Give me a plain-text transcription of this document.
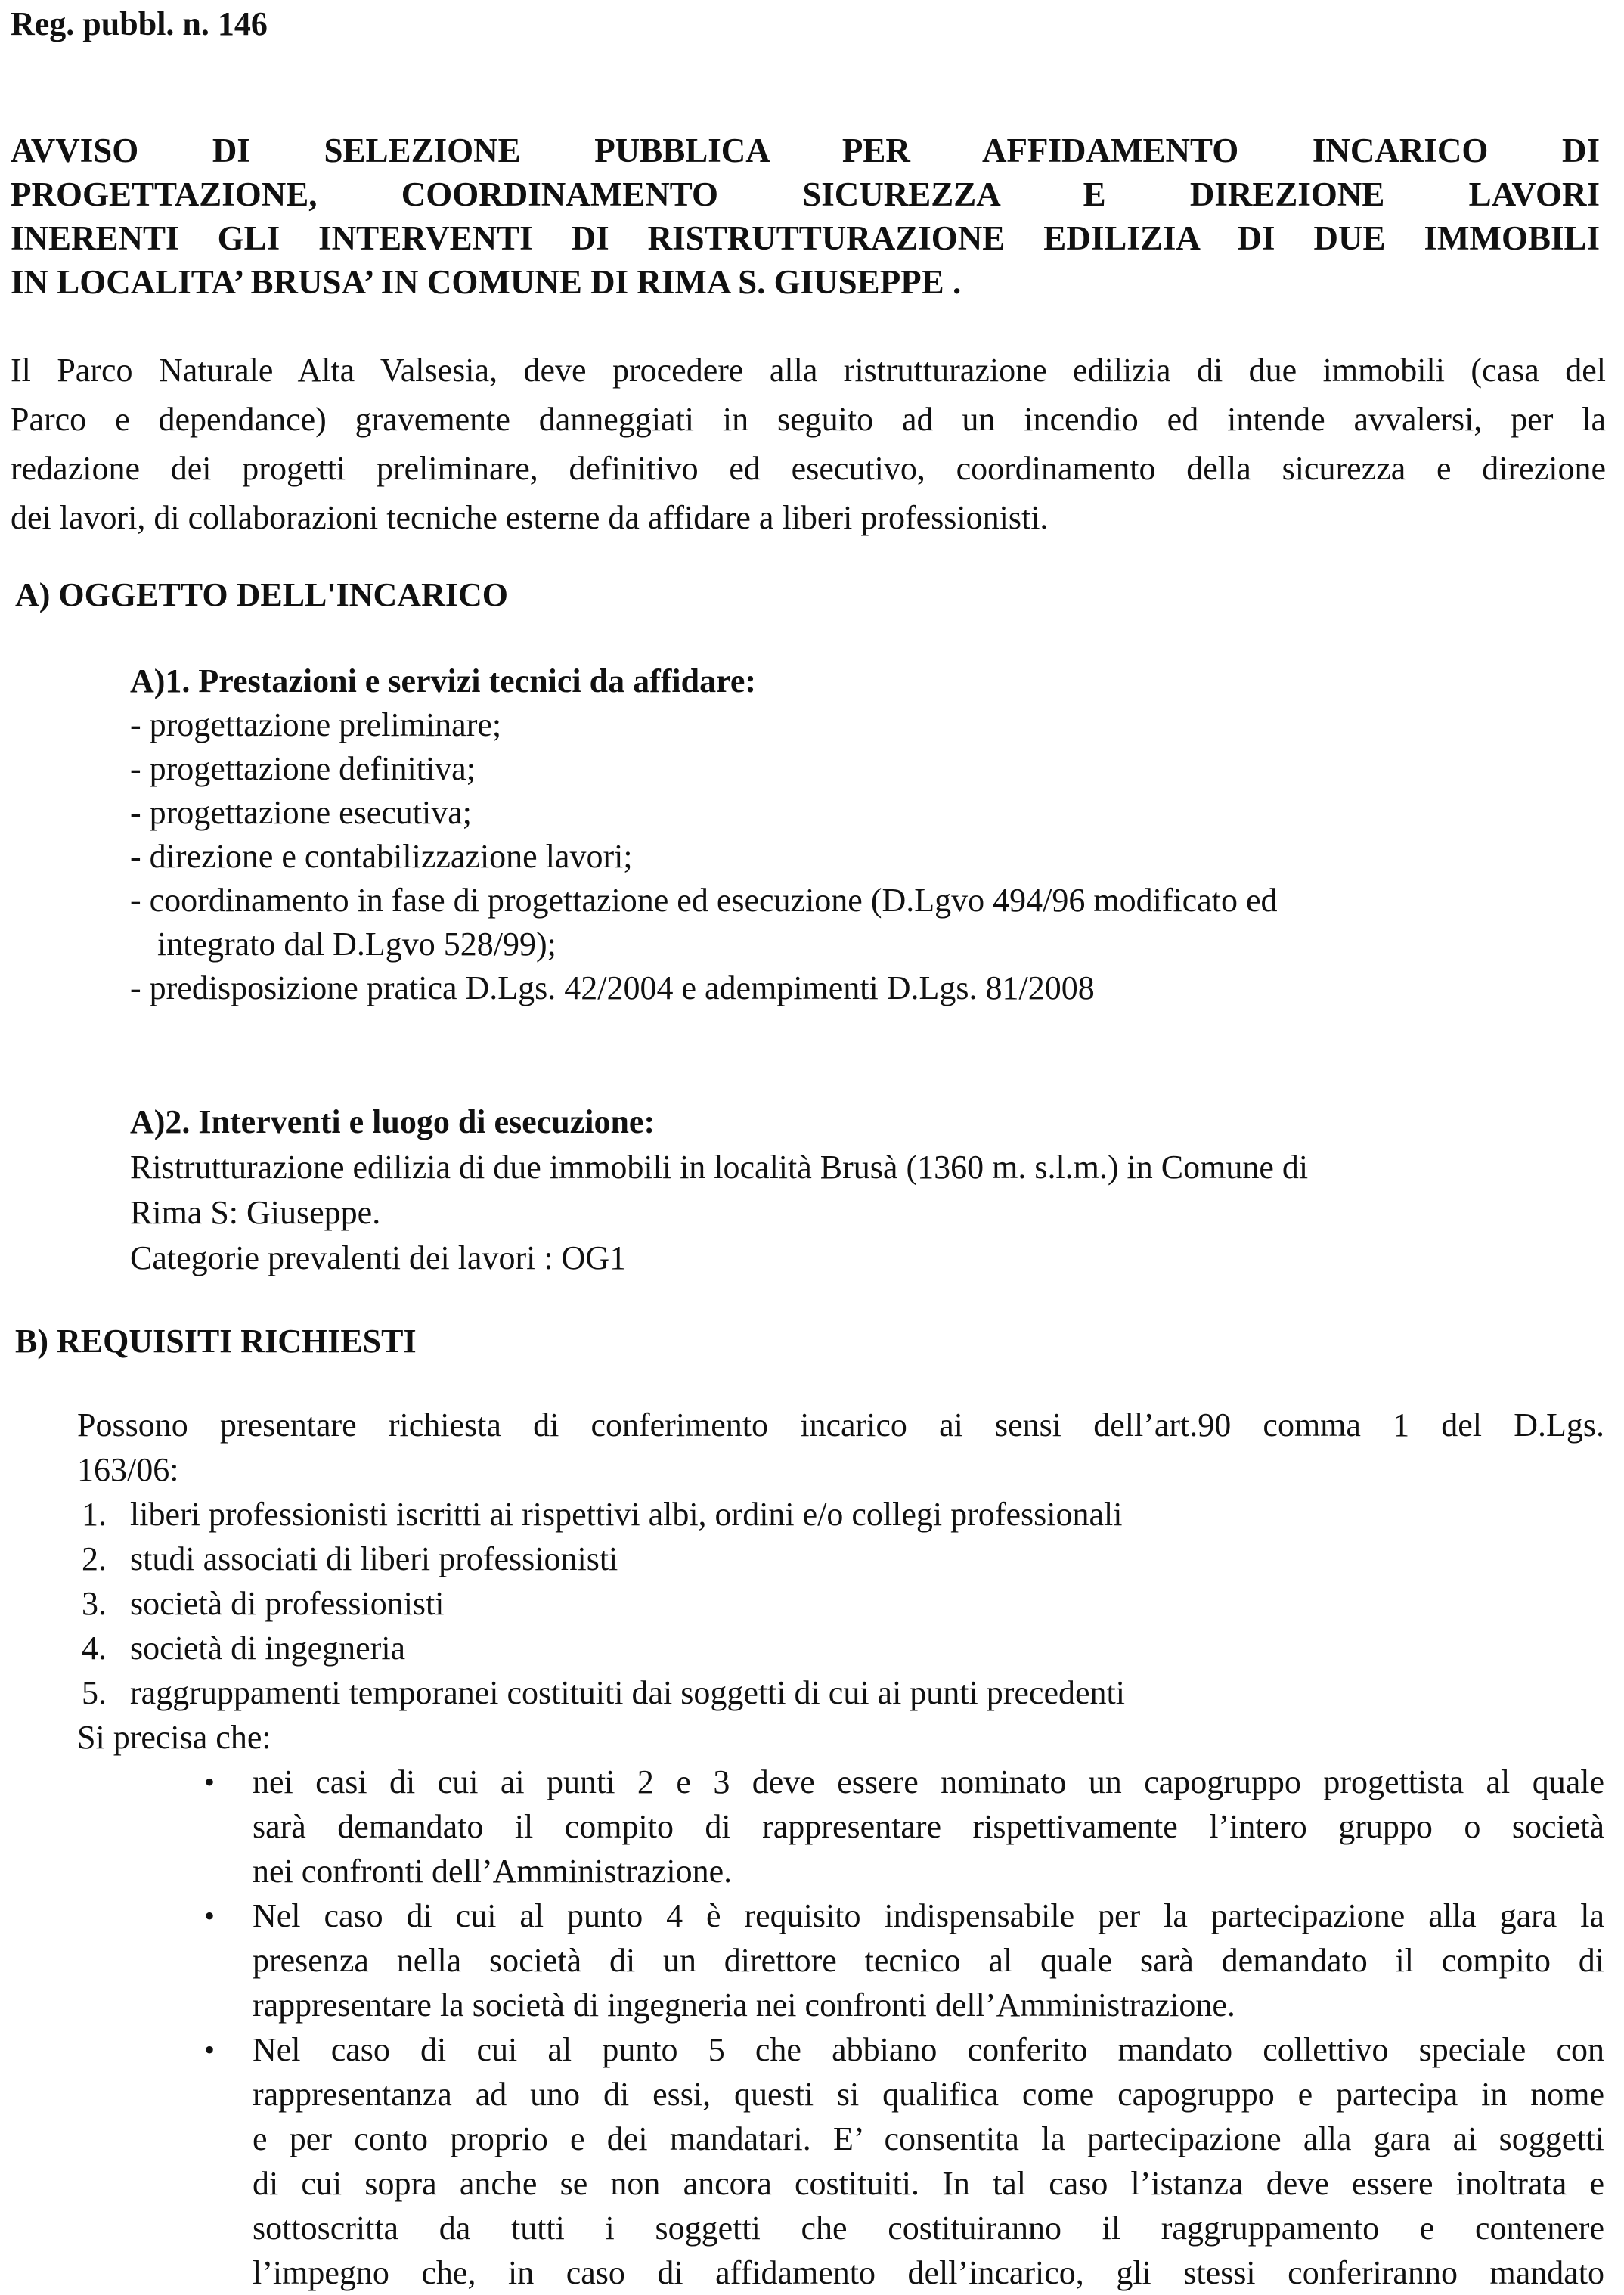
Reg. pubbl. n. 146
AVVISO DI SELEZIONE PUBBLICA PER AFFIDAMENTO INCARICO DI
PROGETTAZIONE, COORDINAMENTO SICUREZZA E DIREZIONE LAVORI
INERENTI GLI INTERVENTI DI RISTRUTTURAZIONE EDILIZIA DI DUE IMMOBILI
IN LOCALITA’ BRUSA’ IN COMUNE DI RIMA S. GIUSEPPE .
Il Parco Naturale Alta Valsesia, deve procedere alla ristrutturazione edilizia di due immobili (casa del
Parco e dependance) gravemente danneggiati in seguito ad un incendio ed intende avvalersi, per la
redazione dei progetti preliminare, definitivo ed esecutivo, coordinamento della sicurezza e direzione
dei lavori, di collaborazioni tecniche esterne da affidare a liberi professionisti.
A) OGGETTO DELL'INCARICO
A)1. Prestazioni e servizi tecnici da affidare:
- progettazione preliminare;
- progettazione definitiva;
- progettazione esecutiva;
- direzione e contabilizzazione lavori;
- coordinamento in fase di progettazione ed esecuzione (D.Lgvo 494/96 modificato ed
integrato dal D.Lgvo 528/99);
- predisposizione pratica D.Lgs. 42/2004 e adempimenti D.Lgs. 81/2008
A)2. Interventi e luogo di esecuzione:
Ristrutturazione edilizia di due immobili in località Brusà (1360 m. s.l.m.) in Comune di
Rima S: Giuseppe.
Categorie prevalenti dei lavori : OG1
B) REQUISITI RICHIESTI
Possono presentare richiesta di conferimento incarico ai sensi dell’art.90 comma 1 del D.Lgs.
163/06:
1. liberi professionisti iscritti ai rispettivi albi, ordini e/o collegi professionali
2. studi associati di liberi professionisti
3. società di professionisti
4. società di ingegneria
5. raggruppamenti temporanei costituiti dai soggetti di cui ai punti precedenti
Si precisa che:
• nei casi di cui ai punti 2 e 3 deve essere nominato un capogruppo progettista al quale
sarà demandato il compito di rappresentare rispettivamente l’intero gruppo o società
nei confronti dell’Amministrazione.
• Nel caso di cui al punto 4 è requisito indispensabile per la partecipazione alla gara la
presenza nella società di un direttore tecnico al quale sarà demandato il compito di
rappresentare la società di ingegneria nei confronti dell’Amministrazione.
• Nel caso di cui al punto 5 che abbiano conferito mandato collettivo speciale con
rappresentanza ad uno di essi, questi si qualifica come capogruppo e partecipa in nome
e per conto proprio e dei mandatari. E’ consentita la partecipazione alla gara ai soggetti
di cui sopra anche se non ancora costituiti. In tal caso l’istanza deve essere inoltrata e
sottoscritta da tutti i soggetti che costituiranno il raggruppamento e contenere
l’impegno che, in caso di affidamento dell’incarico, gli stessi conferiranno mandato
